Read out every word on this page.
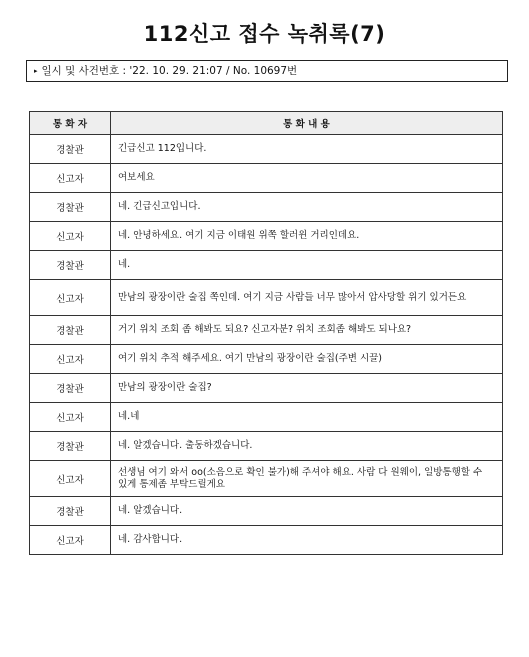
112신고 접수 녹취록(7)
▸ 일시 및 사건번호 : '22. 10. 29. 21:07 / No. 10697번
통 화 자	통 화 내 용
경찰관	긴급신고 112입니다.
신고자	여보세요
경찰관	네. 긴급신고입니다.
신고자	네. 안녕하세요. 여기 지금 이태원 위쪽 할러윈 거리인데요.
경찰관	네.
신고자	만남의 광장이란 술집 쪽인데. 여기 지금 사람들 너무 많아서 압사당할 위기 있거든요
경찰관	거기 위치 조회 좀 해봐도 되요? 신고자분? 위치 조회좀 해봐도 되나요?
신고자	여기 위치 추적 해주세요. 여기 만남의 광장이란 술집(주변 시끌)
경찰관	만남의 광장이란 술집?
신고자	네.네
경찰관	네. 알겠습니다. 출동하겠습니다.
신고자	선생님 여기 와서 oo(소음으로 확인 불가)해 주셔야 해요. 사람 다 원웨이, 일방통행할 수 있게 통제좀 부탁드릴게요
경찰관	네. 알겠습니다.
신고자	네. 감사합니다.
